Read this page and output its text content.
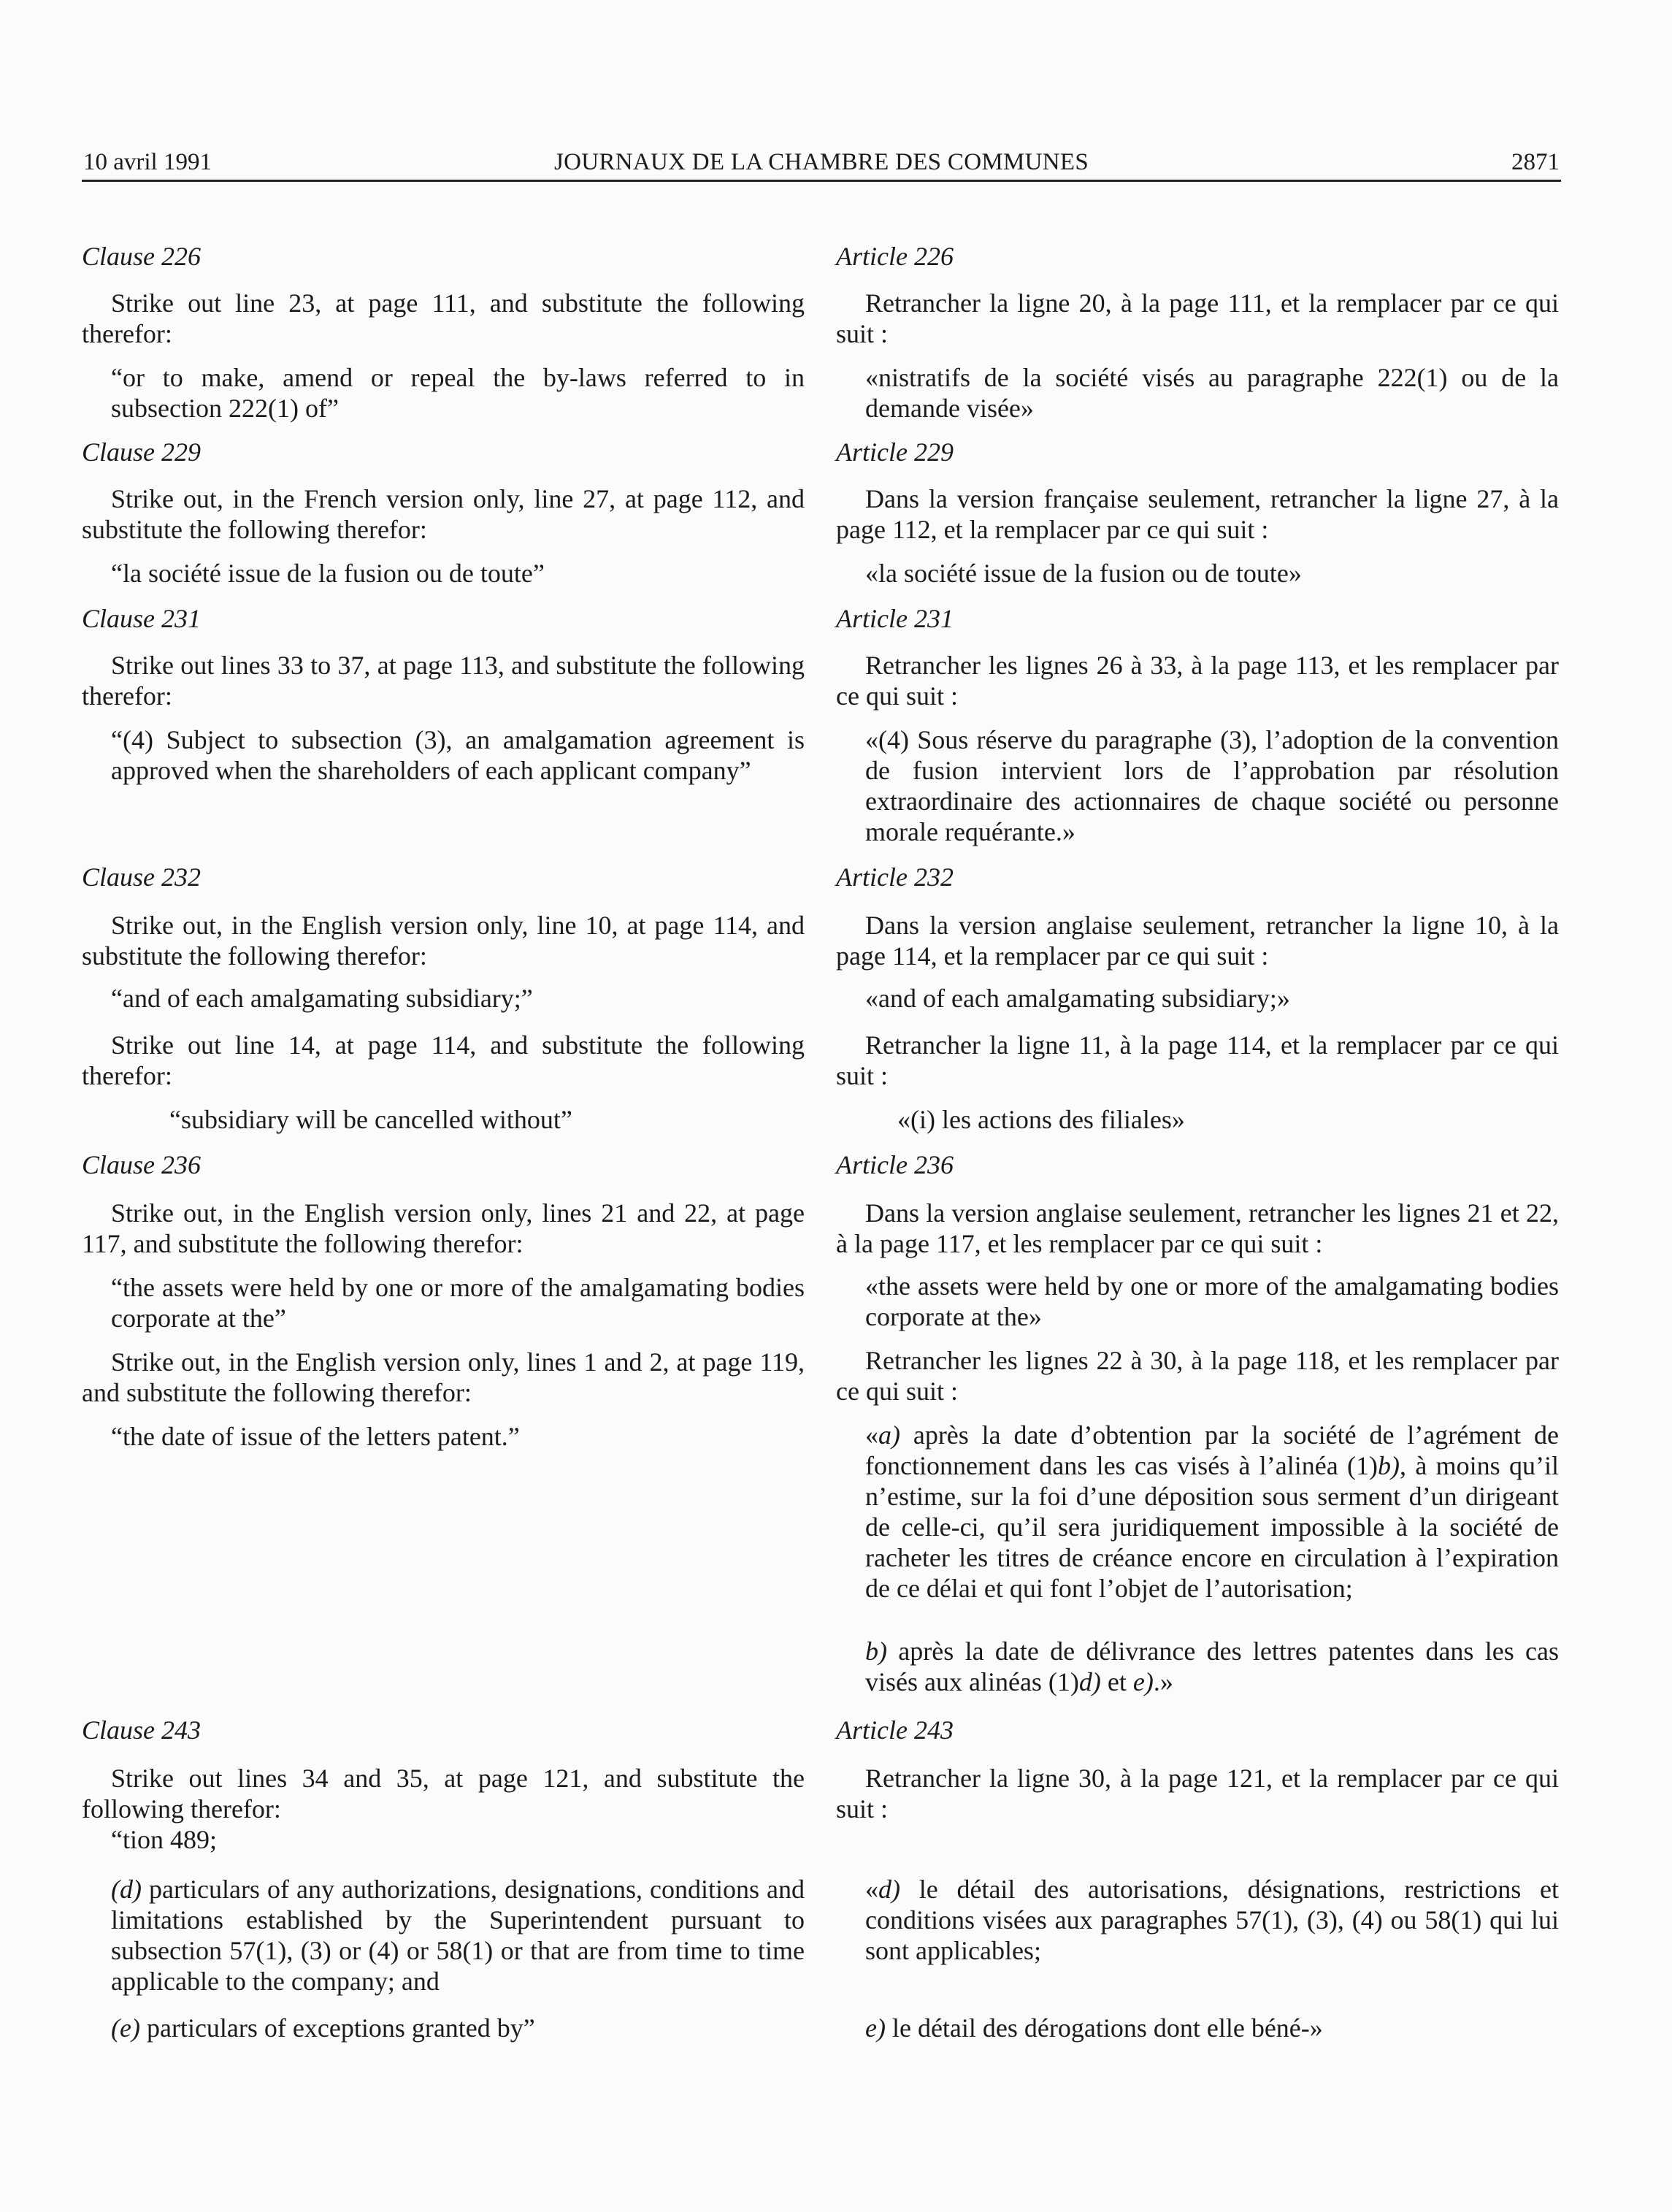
10 avril 1991	JOURNAUX DE LA CHAMBRE DES COMMUNES	2871
Clause 226
Strike out line 23, at page 111, and substitute the following therefor:
“or to make, amend or repeal the by-laws referred to in subsection 222(1) of”
Clause 229
Strike out, in the French version only, line 27, at page 112, and substitute the following therefor:
“la société issue de la fusion ou de toute”
Clause 231
Strike out lines 33 to 37, at page 113, and substitute the following therefor:
“(4) Subject to subsection (3), an amalgamation agreement is approved when the shareholders of each applicant company”
Clause 232
Strike out, in the English version only, line 10, at page 114, and substitute the following therefor:
“and of each amalgamating subsidiary;”
Strike out line 14, at page 114, and substitute the following therefor:
“subsidiary will be cancelled without”
Clause 236
Strike out, in the English version only, lines 21 and 22, at page 117, and substitute the following therefor:
“the assets were held by one or more of the amalgamating bodies corporate at the”
Strike out, in the English version only, lines 1 and 2, at page 119, and substitute the following therefor:
“the date of issue of the letters patent.”
Clause 243
Strike out lines 34 and 35, at page 121, and substitute the following therefor:
“tion 489;
(d) particulars of any authorizations, designations, conditions and limitations established by the Superintendent pursuant to subsection 57(1), (3) or (4) or 58(1) or that are from time to time applicable to the company; and
(e) particulars of exceptions granted by”
Article 226
Retrancher la ligne 20, à la page 111, et la remplacer par ce qui suit :
«nistratifs de la société visés au paragraphe 222(1) ou de la demande visée»
Article 229
Dans la version française seulement, retrancher la ligne 27, à la page 112, et la remplacer par ce qui suit :
«la société issue de la fusion ou de toute»
Article 231
Retrancher les lignes 26 à 33, à la page 113, et les remplacer par ce qui suit :
«(4) Sous réserve du paragraphe (3), l’adoption de la convention de fusion intervient lors de l’approbation par résolution extraordinaire des actionnaires de chaque société ou personne morale requérante.»
Article 232
Dans la version anglaise seulement, retrancher la ligne 10, à la page 114, et la remplacer par ce qui suit :
«and of each amalgamating subsidiary;»
Retrancher la ligne 11, à la page 114, et la remplacer par ce qui suit :
«(i) les actions des filiales»
Article 236
Dans la version anglaise seulement, retrancher les lignes 21 et 22, à la page 117, et les remplacer par ce qui suit :
«the assets were held by one or more of the amalgamating bodies corporate at the»
Retrancher les lignes 22 à 30, à la page 118, et les remplacer par ce qui suit :
«a) après la date d’obtention par la société de l’agrément de fonctionnement dans les cas visés à l’alinéa (1)b), à moins qu’il n’estime, sur la foi d’une déposition sous serment d’un dirigeant de celle-ci, qu’il sera juridiquement impossible à la société de racheter les titres de créance encore en circulation à l’expiration de ce délai et qui font l’objet de l’autorisation;
b) après la date de délivrance des lettres patentes dans les cas visés aux alinéas (1)d) et e).»
Article 243
Retrancher la ligne 30, à la page 121, et la remplacer par ce qui suit :
«d) le détail des autorisations, désignations, restrictions et conditions visées aux paragraphes 57(1), (3), (4) ou 58(1) qui lui sont applicables;
e) le détail des dérogations dont elle béné-»
